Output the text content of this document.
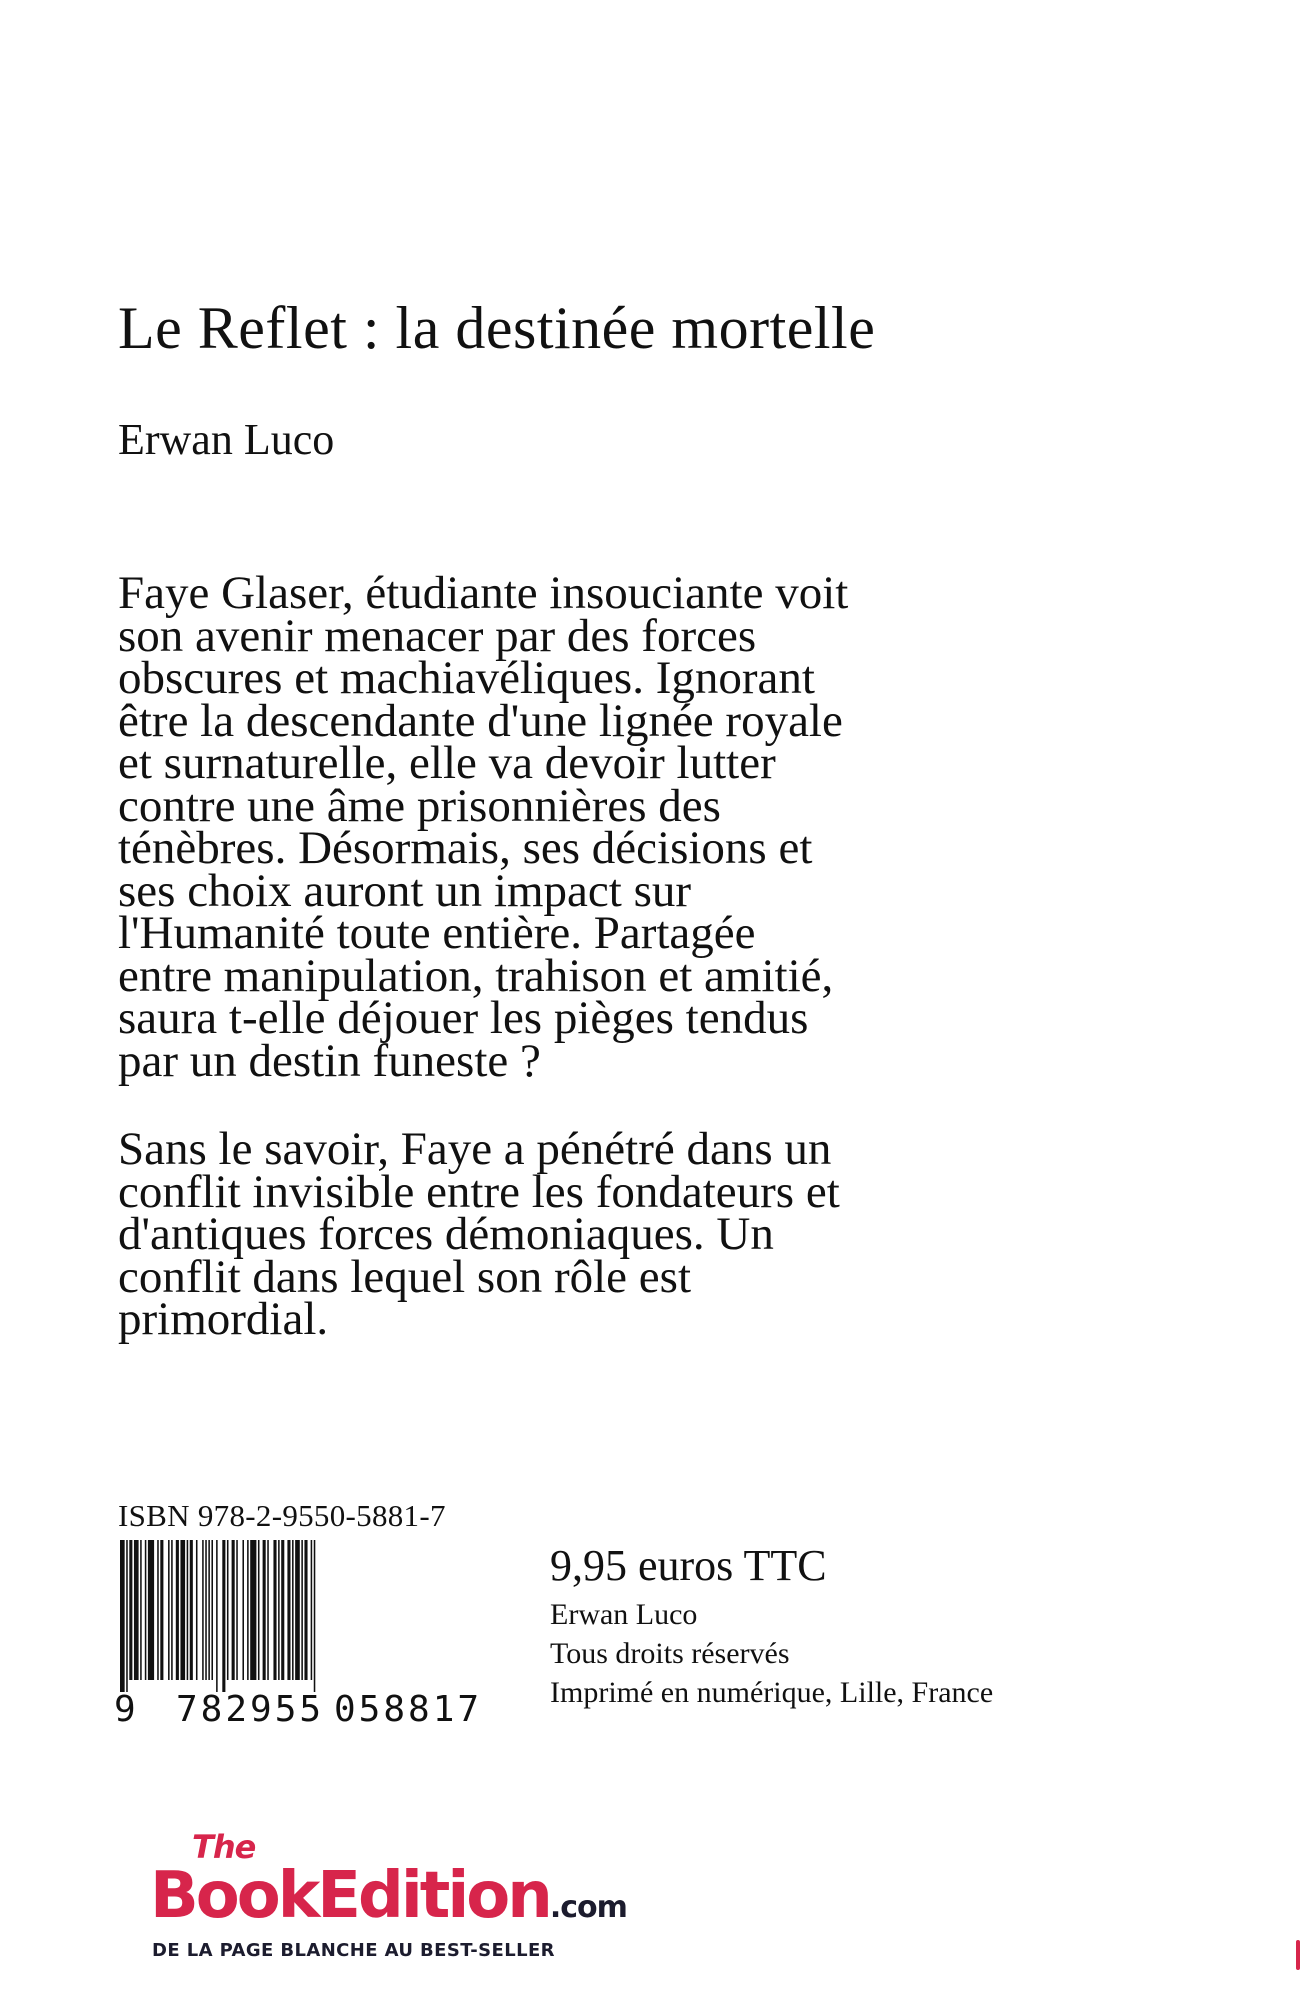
Le Reflet : la destinée mortelle
Erwan Luco

Faye Glaser, étudiante insouciante voit
son avenir menacer par des forces
obscures et machiavéliques. Ignorant
être la descendante d'une lignée royale
et surnaturelle, elle va devoir lutter
contre une âme prisonnières des
ténèbres. Désormais, ses décisions et
ses choix auront un impact sur
l'Humanité toute entière. Partagée
entre manipulation, trahison et amitié,
saura t-elle déjouer les pièges tendus
par un destin funeste ?

Sans le savoir, Faye a pénétré dans un
conflit invisible entre les fondateurs et
d'antiques forces démoniaques. Un
conflit dans lequel son rôle est
primordial.

ISBN 978-2-9550-5881-7
9	782955 058817
9,95 euros TTC
Erwan Luco
Tous droits réservés
Imprimé en numérique, Lille, France
The
BookEdition.com
DE LA PAGE BLANCHE AU BEST-SELLER
